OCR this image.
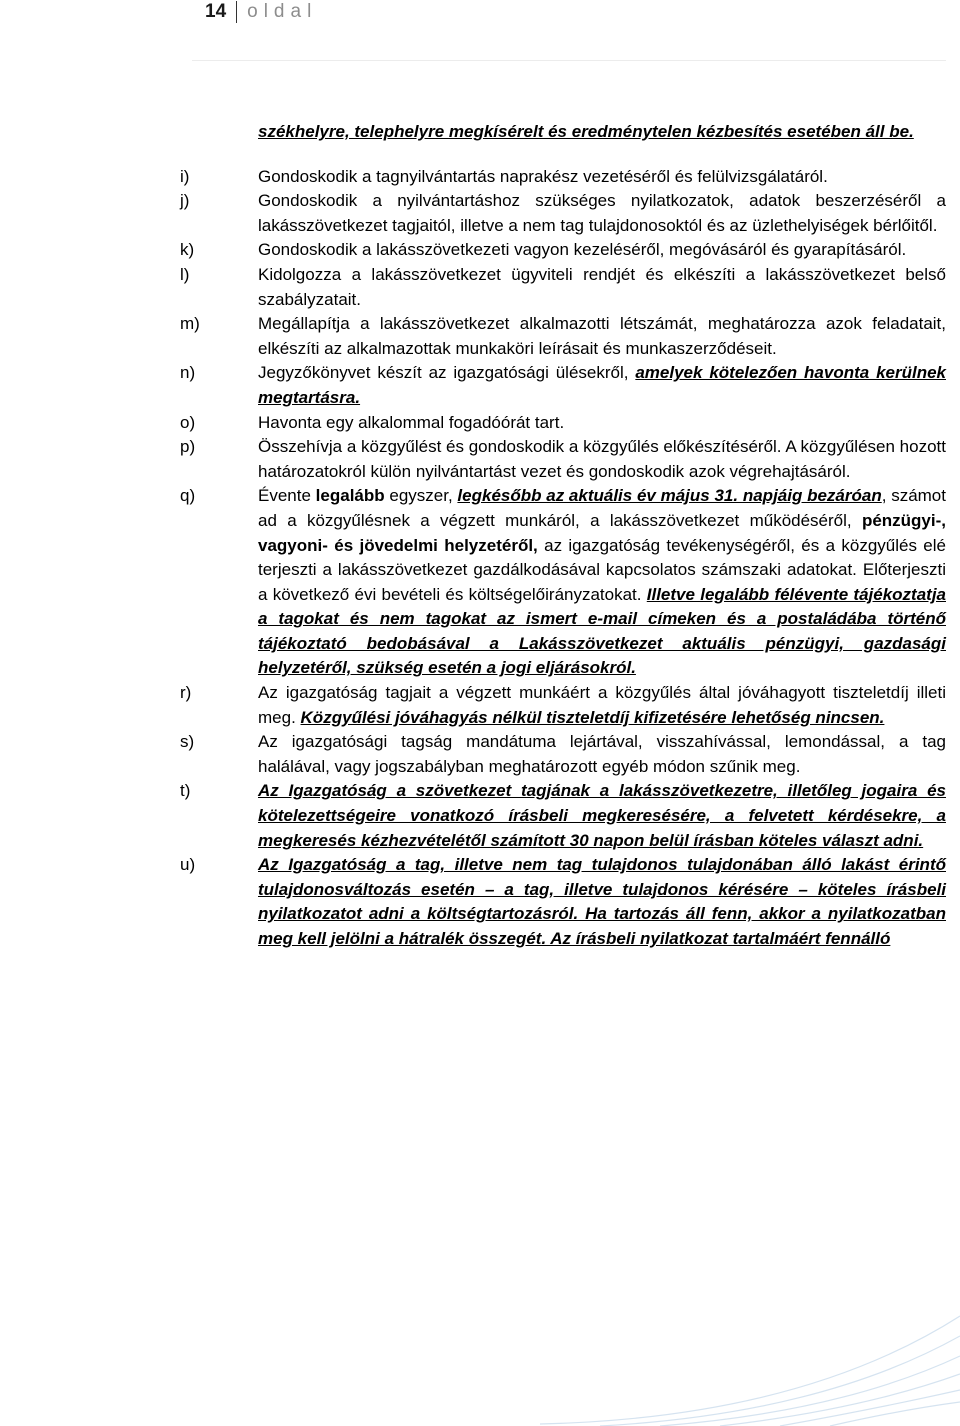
14 oldal
székhelyre, telephelyre megkísérelt és eredménytelen kézbesítés esetében áll be.
i)	Gondoskodik a tagnyilvántartás naprakész vezetéséről és felülvizsgálatáról.
j)	Gondoskodik a nyilvántartáshoz szükséges nyilatkozatok, adatok beszerzéséről a lakásszövetkezet tagjaitól, illetve a nem tag tulajdonosoktól és az üzlethelyiségek bérlőitől.
k)	Gondoskodik a lakásszövetkezeti vagyon kezeléséről, megóvásáról és gyarapításáról.
l)	Kidolgozza a lakásszövetkezet ügyviteli rendjét és elkészíti a lakásszövetkezet belső szabályzatait.
m)	Megállapítja a lakásszövetkezet alkalmazotti létszámát, meghatározza azok feladatait, elkészíti az alkalmazottak munkaköri leírásait és munkaszerződéseit.
n)	Jegyzőkönyvet készít az igazgatósági ülésekről, amelyek kötelezően havonta kerülnek megtartásra.
o)	Havonta egy alkalommal fogadóórát tart.
p)	Összehívja a közgyűlést és gondoskodik a közgyűlés előkészítéséről. A közgyűlésen hozott határozatokról külön nyilvántartást vezet és gondoskodik azok végrehajtásáról.
q)	Évente legalább egyszer, legkésőbb az aktuális év május 31. napjáig bezáróan, számot ad a közgyűlésnek a végzett munkáról, a lakásszövetkezet működéséről, pénzügyi-, vagyoni- és jövedelmi helyzetéről, az igazgatóság tevékenységéről, és a közgyűlés elé terjeszti a lakásszövetkezet gazdálkodásával kapcsolatos számszaki adatokat. Előterjeszti a következő évi bevételi és költségelőirányzatokat. Illetve legalább félévente tájékoztatja a tagokat és nem tagokat az ismert e-mail címeken és a postaládába történő tájékoztató bedobásával a Lakásszövetkezet aktuális pénzügyi, gazdasági helyzetéről, szükség esetén a jogi eljárásokról.
r)	Az igazgatóság tagjait a végzett munkáért a közgyűlés által jóváhagyott tiszteletdíj illeti meg. Közgyűlési jóváhagyás nélkül tiszteletdíj kifizetésére lehetőség nincsen.
s)	Az igazgatósági tagság mandátuma lejártával, visszahívással, lemondással, a tag halálával, vagy jogszabályban meghatározott egyéb módon szűnik meg.
t)	Az Igazgatóság a szövetkezet tagjának a lakásszövetkezetre, illetőleg jogaira és kötelezettségeire vonatkozó írásbeli megkeresésére, a felvetett kérdésekre, a megkeresés kézhezvételétől számított 30 napon belül írásban köteles választ adni.
u)	Az Igazgatóság a tag, illetve nem tag tulajdonos tulajdonában álló lakást érintő tulajdonosváltozás esetén – a tag, illetve tulajdonos kérésére – köteles írásbeli nyilatkozatot adni a költségtartozásról. Ha tartozás áll fenn, akkor a nyilatkozatban meg kell jelölni a hátralék összegét. Az írásbeli nyilatkozat tartalmáért fennálló
